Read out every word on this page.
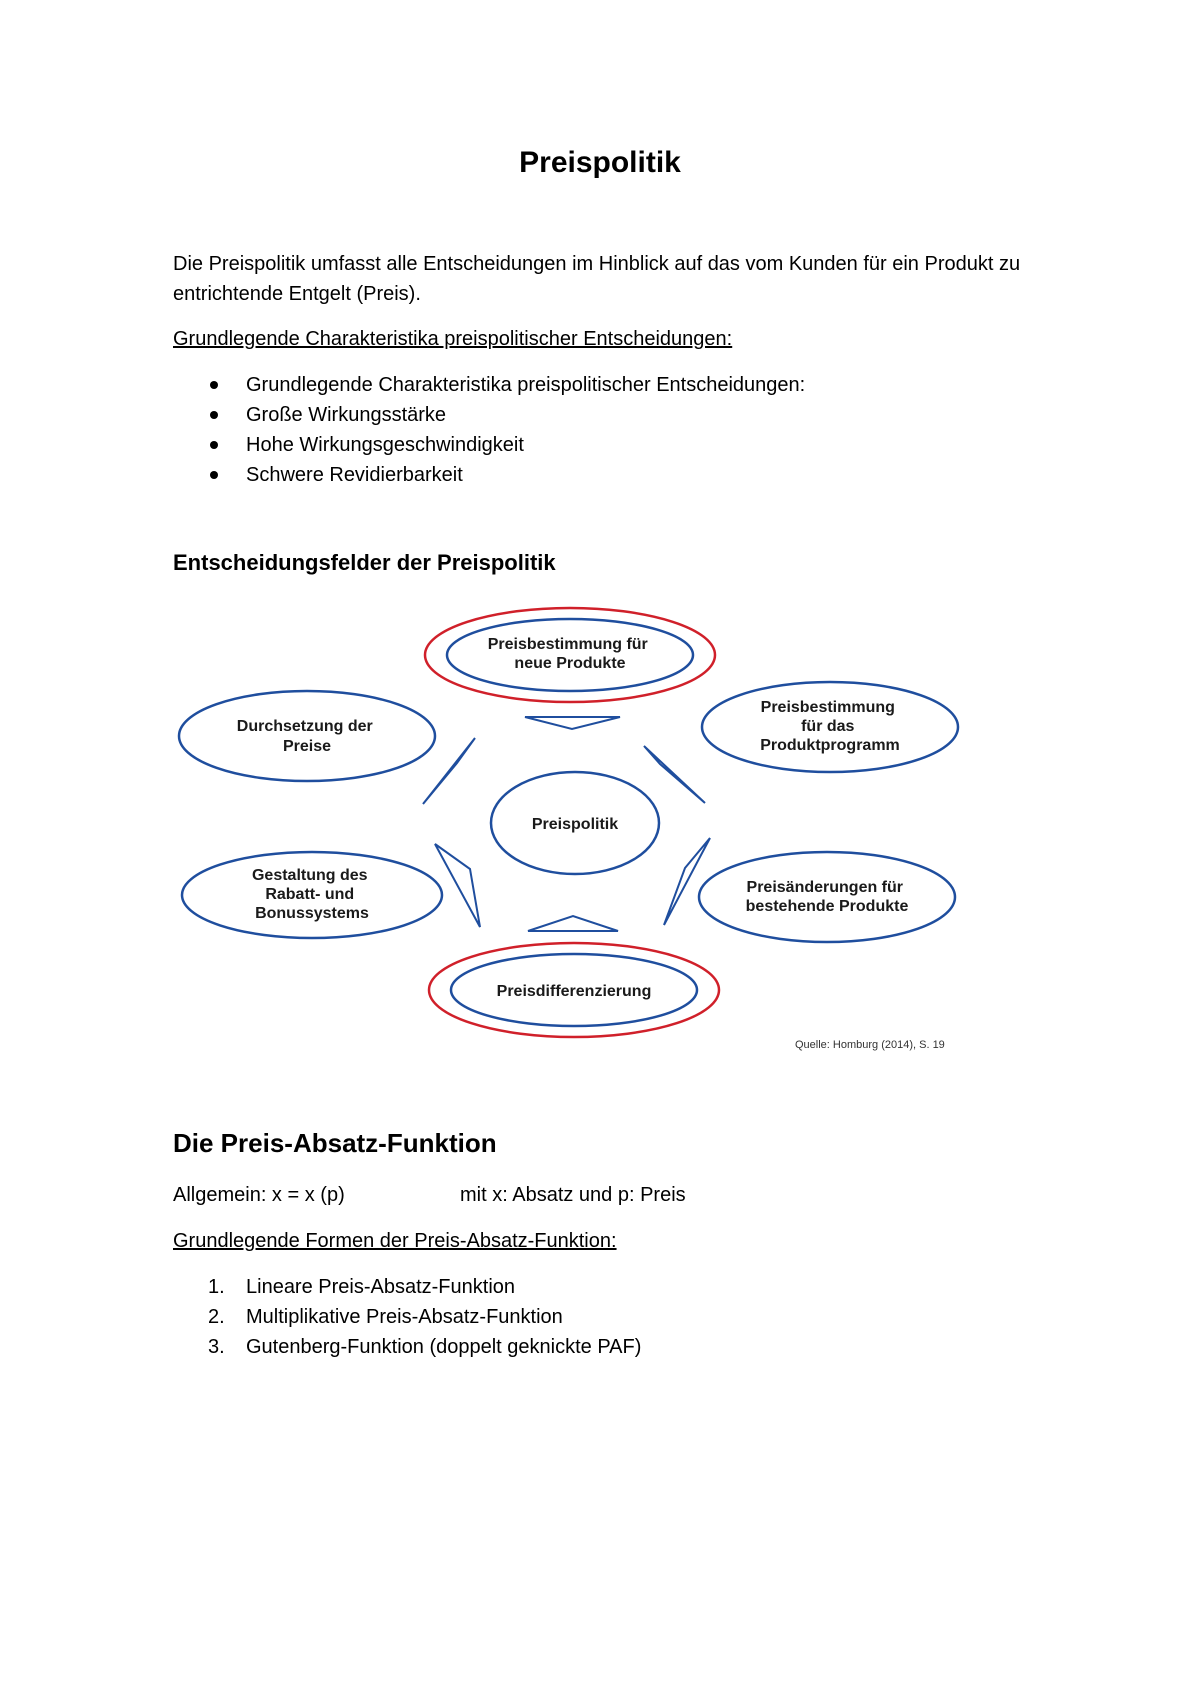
Preispolitik

Die Preispolitik umfasst alle Entscheidungen im Hinblick auf das vom Kunden für ein Produkt zu entrichtende Entgelt (Preis).

Grundlegende Charakteristika preispolitischer Entscheidungen:

Grundlegende Charakteristika preispolitischer Entscheidungen:
Große Wirkungsstärke
Hohe Wirkungsgeschwindigkeit
Schwere Revidierbarkeit
Entscheidungsfelder der Preispolitik
Preisbestimmung für neue Produkte
Durchsetzung der Preise
Preisbestimmung für das Produktprogramm
Preispolitik
Gestaltung des Rabatt- und Bonussystems
Preisänderungen für bestehende Produkte
Preisdifferenzierung
Quelle: Homburg (2014), S. 19
Die Preis-Absatz-Funktion
Allgemein: x = x (p)	mit x: Absatz und p: Preis

Grundlegende Formen der Preis-Absatz-Funktion:

1. Lineare Preis-Absatz-Funktion
2. Multiplikative Preis-Absatz-Funktion
3. Gutenberg-Funktion (doppelt geknickte PAF)
